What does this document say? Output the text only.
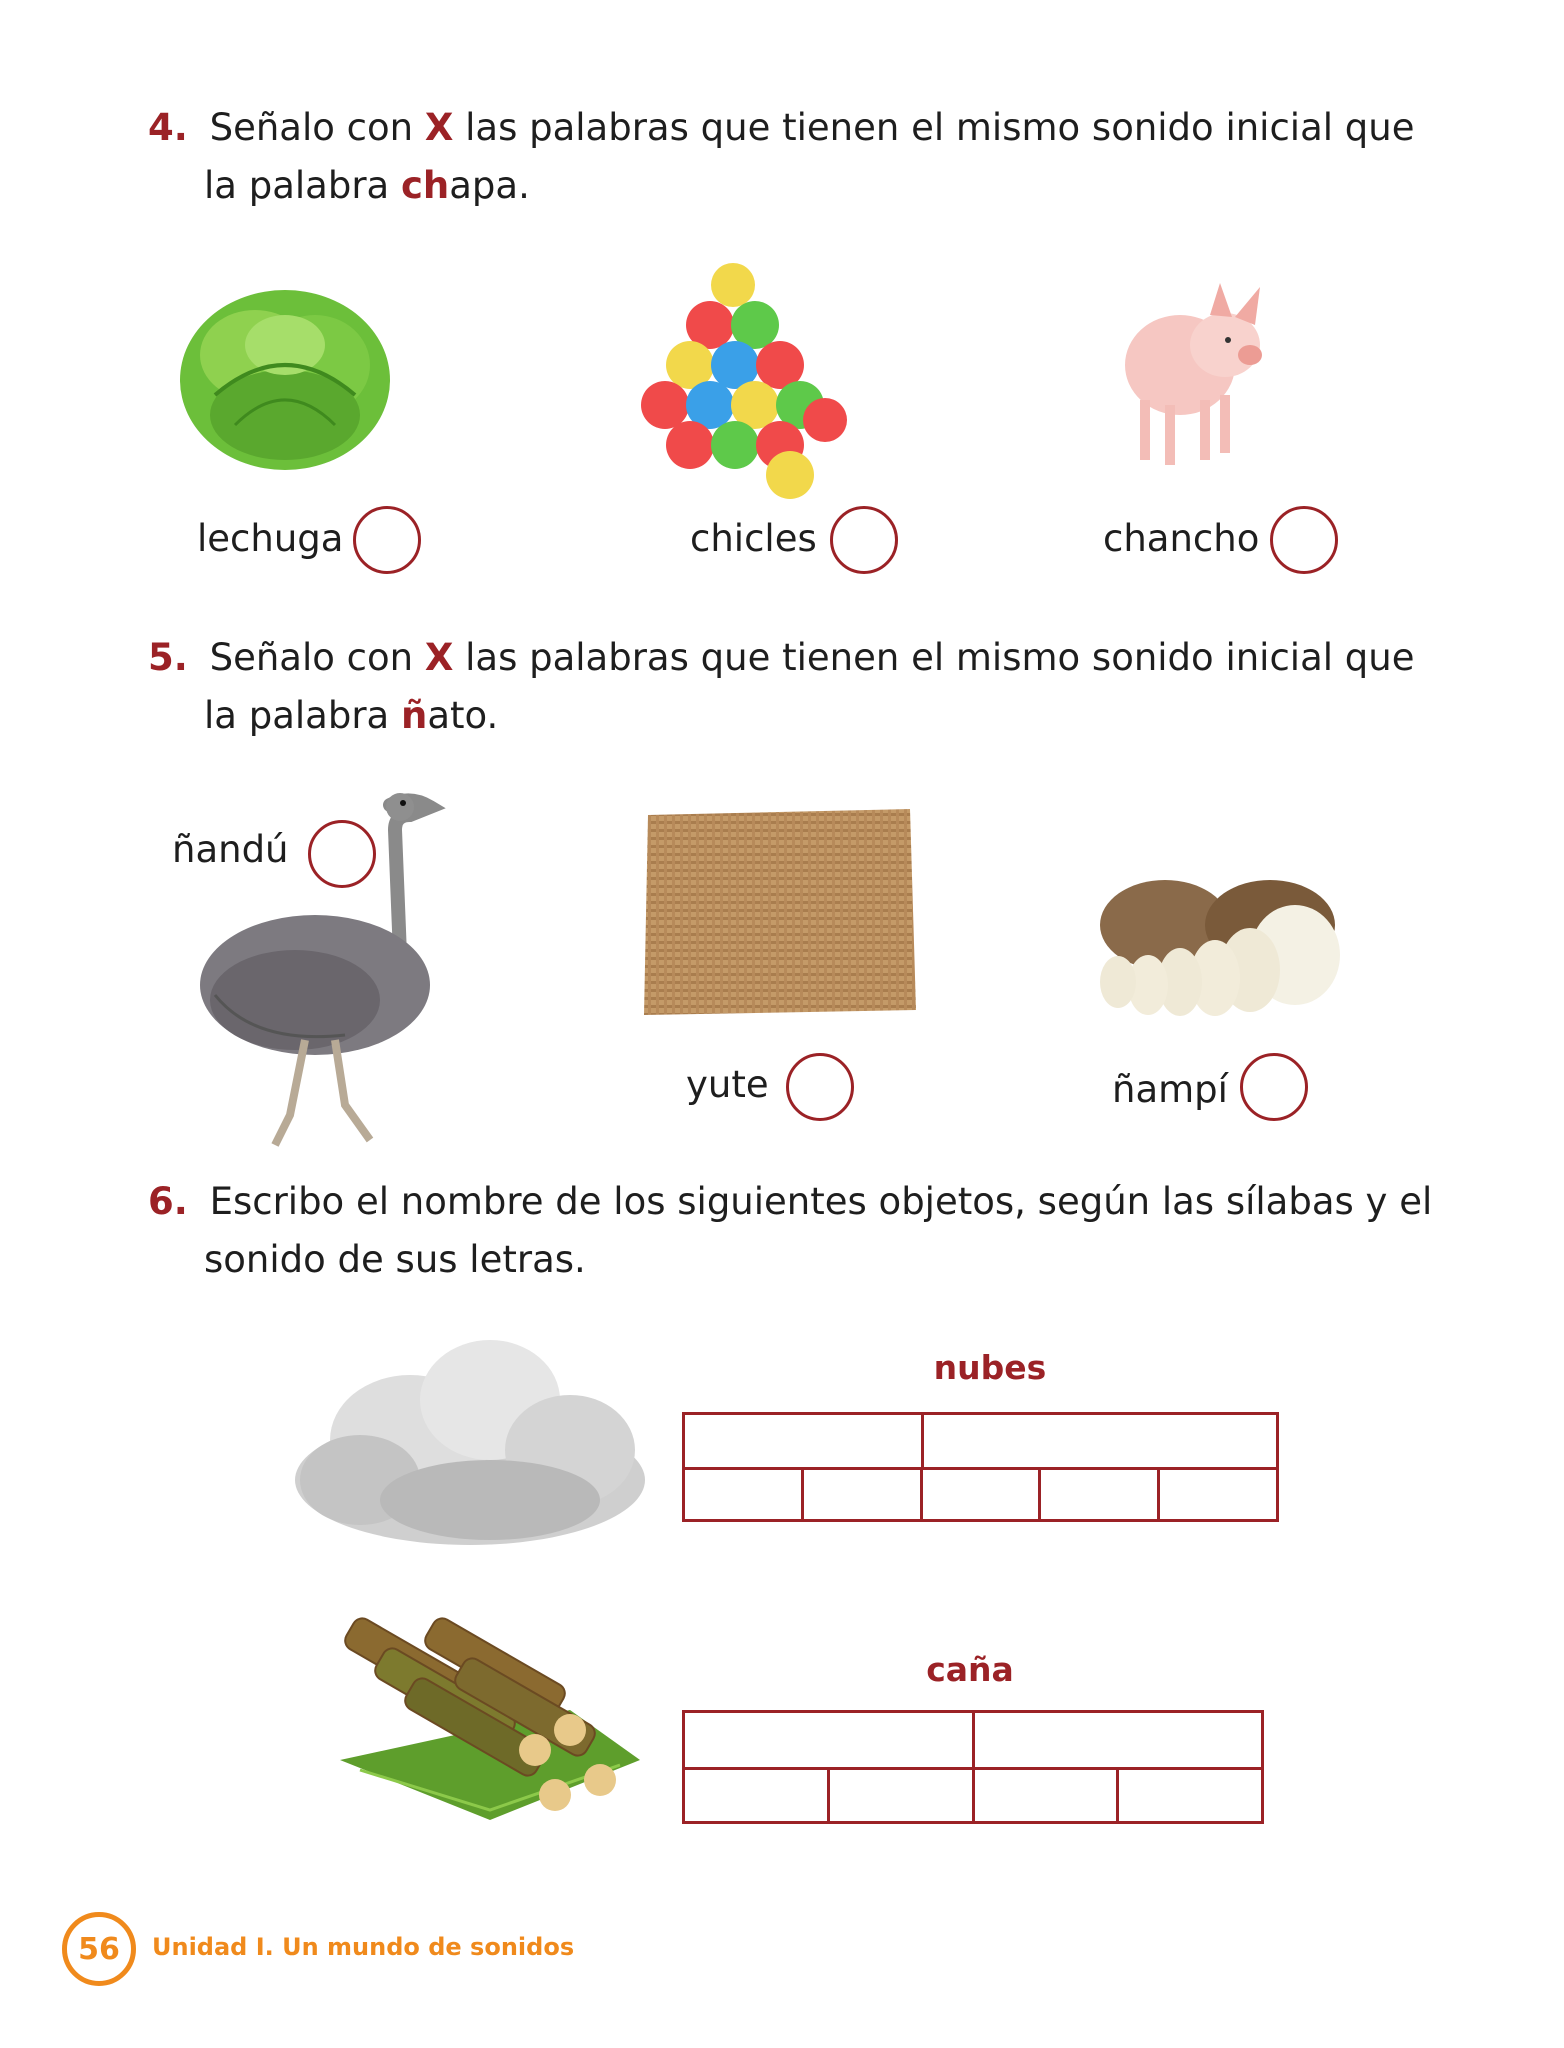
4. Señalo con X las palabras que tienen el mismo sonido inicial que
la palabra chapa.
lechuga	chicles	chancho
5. Señalo con X las palabras que tienen el mismo sonido inicial que
la palabra ñato.
ñandú
yute	ñampí
6. Escribo el nombre de los siguientes objetos, según las sílabas y el
sonido de sus letras.
nubes
caña
56	Unidad I. Un mundo de sonidos
